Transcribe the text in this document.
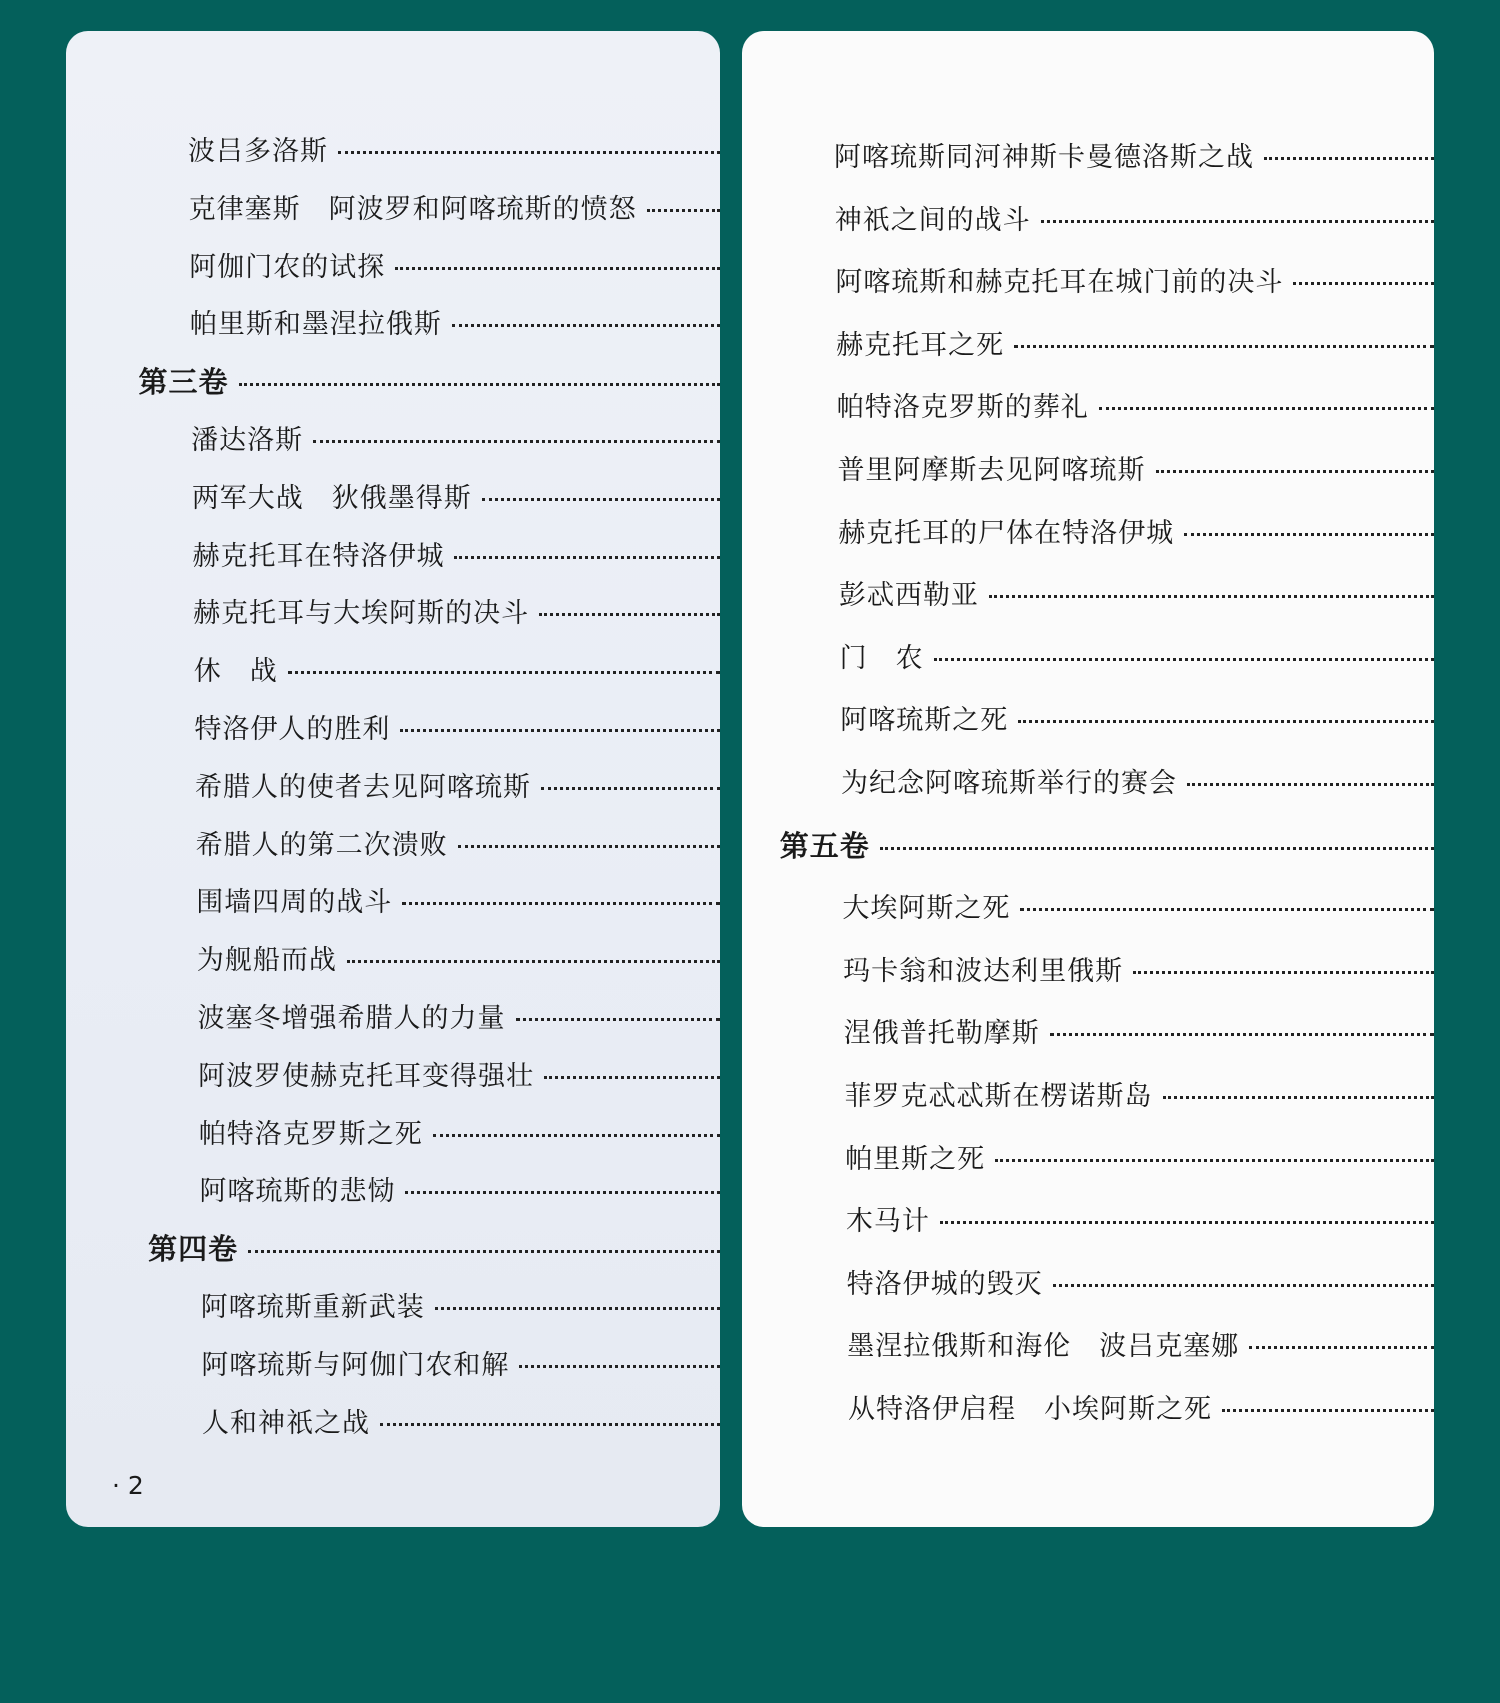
波吕多洛斯
克律塞斯　阿波罗和阿喀琉斯的愤怒
阿伽门农的试探
帕里斯和墨涅拉俄斯
第三卷
潘达洛斯
两军大战　狄俄墨得斯
赫克托耳在特洛伊城
赫克托耳与大埃阿斯的决斗
休　战
特洛伊人的胜利
希腊人的使者去见阿喀琉斯
希腊人的第二次溃败
围墙四周的战斗
为舰船而战
波塞冬增强希腊人的力量
阿波罗使赫克托耳变得强壮
帕特洛克罗斯之死
阿喀琉斯的悲恸
第四卷
阿喀琉斯重新武装
阿喀琉斯与阿伽门农和解
人和神祇之战
· 2
阿喀琉斯同河神斯卡曼德洛斯之战
神祇之间的战斗
阿喀琉斯和赫克托耳在城门前的决斗
赫克托耳之死
帕特洛克罗斯的葬礼
普里阿摩斯去见阿喀琉斯
赫克托耳的尸体在特洛伊城
彭忒西勒亚
门　农
阿喀琉斯之死
为纪念阿喀琉斯举行的赛会
第五卷
大埃阿斯之死
玛卡翁和波达利里俄斯
涅俄普托勒摩斯
菲罗克忒忒斯在楞诺斯岛
帕里斯之死
木马计
特洛伊城的毁灭
墨涅拉俄斯和海伦　波吕克塞娜
从特洛伊启程　小埃阿斯之死
